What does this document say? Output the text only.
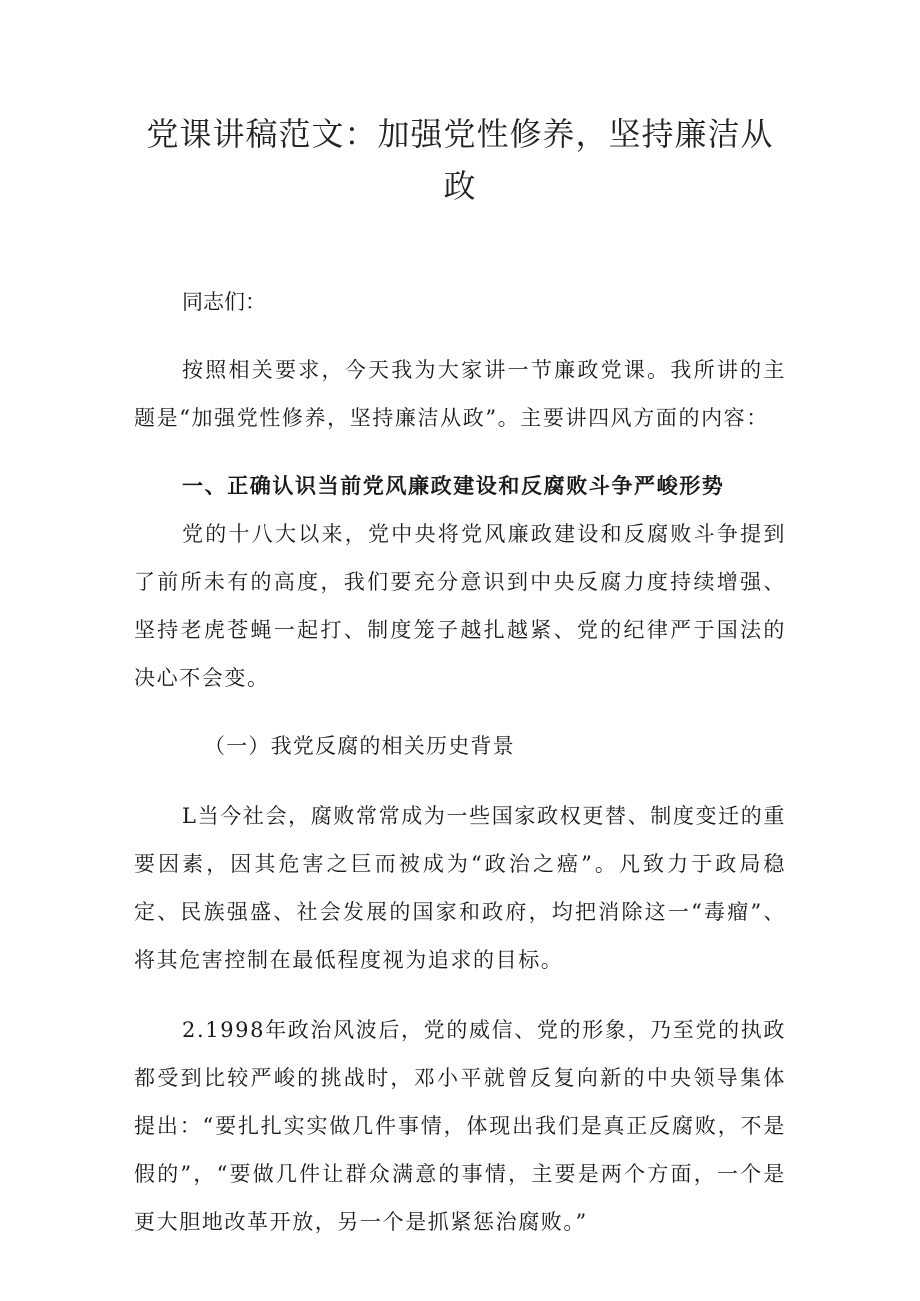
党课讲稿范文：加强党性修养，坚持廉洁从政

同志们：

按照相关要求，今天我为大家讲一节廉政党课。我所讲的主题是“加强党性修养，坚持廉洁从政”。主要讲四风方面的内容：

一、正确认识当前党风廉政建设和反腐败斗争严峻形势

党的十八大以来，党中央将党风廉政建设和反腐败斗争提到了前所未有的高度，我们要充分意识到中央反腐力度持续增强、坚持老虎苍蝇一起打、制度笼子越扎越紧、党的纪律严于国法的决心不会变。

（一）我党反腐的相关历史背景

L当今社会，腐败常常成为一些国家政权更替、制度变迁的重要因素，因其危害之巨而被成为“政治之癌”。凡致力于政局稳定、民族强盛、社会发展的国家和政府，均把消除这一“毒瘤”、将其危害控制在最低程度视为追求的目标。

2.1998年政治风波后，党的威信、党的形象，乃至党的执政都受到比较严峻的挑战时，邓小平就曾反复向新的中央领导集体提出：“要扎扎实实做几件事情，体现出我们是真正反腐败，不是假的”，“要做几件让群众满意的事情，主要是两个方面，一个是更大胆地改革开放，另一个是抓紧惩治腐败。”
